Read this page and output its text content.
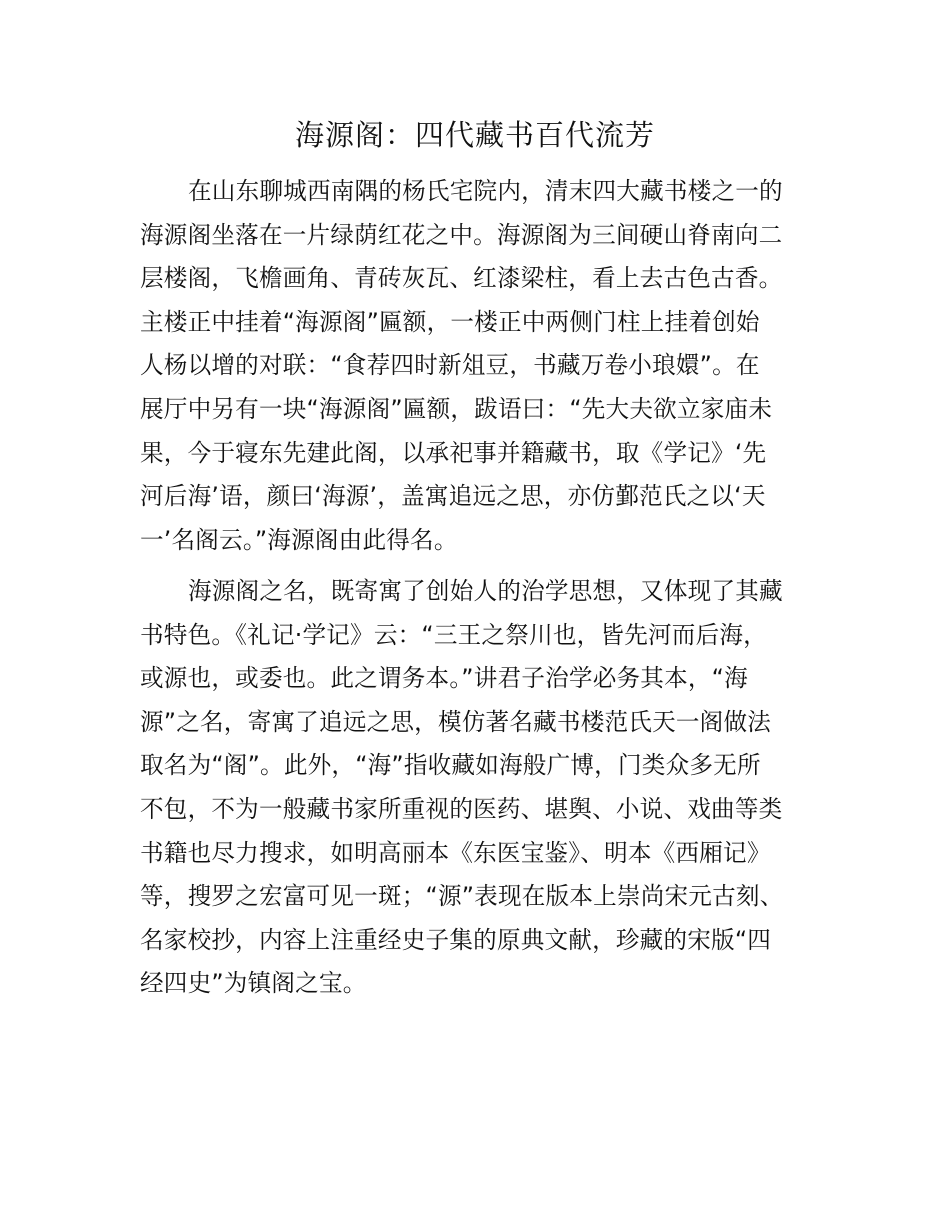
海源阁：四代藏书百代流芳
在山东聊城西南隅的杨氏宅院内，清末四大藏书楼之一的
海源阁坐落在一片绿荫红花之中。海源阁为三间硬山脊南向二
层楼阁，飞檐画角、青砖灰瓦、红漆梁柱，看上去古色古香。
主楼正中挂着“海源阁”匾额，一楼正中两侧门柱上挂着创始
人杨以增的对联：“食荐四时新俎豆，书藏万卷小琅嬛”。在
展厅中另有一块“海源阁”匾额，跋语曰：“先大夫欲立家庙未
果，今于寝东先建此阁，以承祀事并籍藏书，取《学记》‘先
河后海’语，颜曰‘海源’，盖寓追远之思，亦仿鄞范氏之以‘天
一’名阁云。”海源阁由此得名。
海源阁之名，既寄寓了创始人的治学思想，又体现了其藏
书特色。《礼记·学记》云：“三王之祭川也，皆先河而后海，
或源也，或委也。此之谓务本。”讲君子治学必务其本，“海
源”之名，寄寓了追远之思，模仿著名藏书楼范氏天一阁做法
取名为“阁”。此外，“海”指收藏如海般广博，门类众多无所
不包，不为一般藏书家所重视的医药、堪舆、小说、戏曲等类
书籍也尽力搜求，如明高丽本《东医宝鉴》、明本《西厢记》
等，搜罗之宏富可见一斑；“源”表现在版本上崇尚宋元古刻、
名家校抄，内容上注重经史子集的原典文献，珍藏的宋版“四
经四史”为镇阁之宝。
